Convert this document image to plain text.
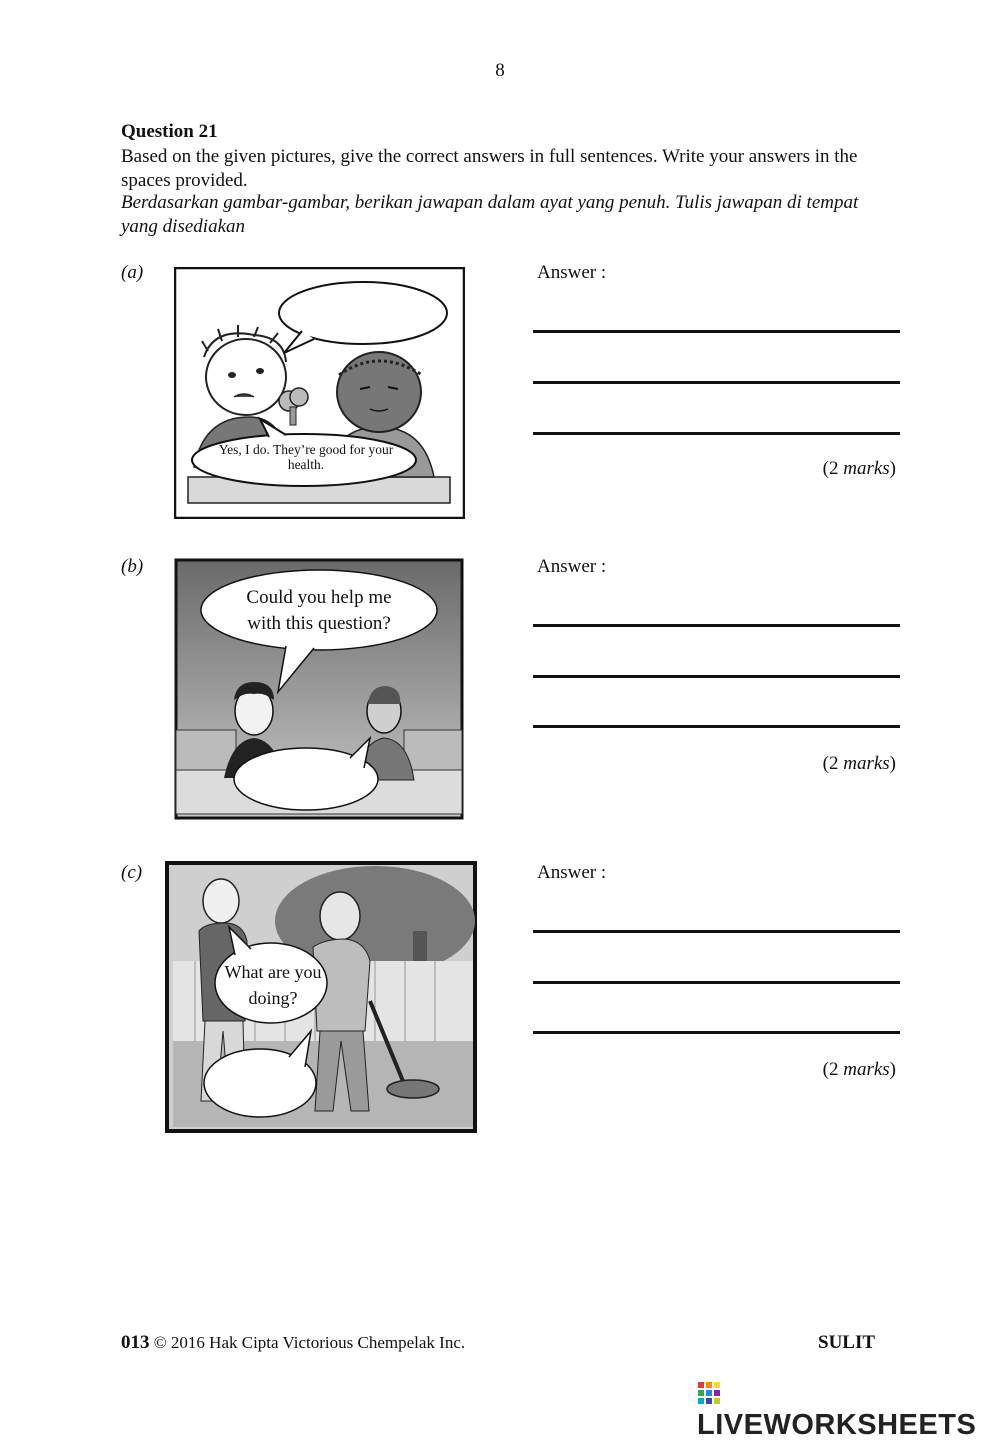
8
Question 21
Based on the given pictures, give the correct answers in full sentences. Write your answers in the spaces provided.
Berdasarkan gambar-gambar, berikan jawapan dalam ayat yang penuh. Tulis jawapan di tempat yang disediakan
(a)
Yes, I do. They’re good for your health.
Answer :
(2 marks)
(b)
Could you help me with this question?
Answer :
(2 marks)
(c)
What are you doing?
Answer :
(2 marks)
013 © 2016 Hak Cipta Victorious Chempelak Inc.	SULIT
LIVEWORKSHEETS
